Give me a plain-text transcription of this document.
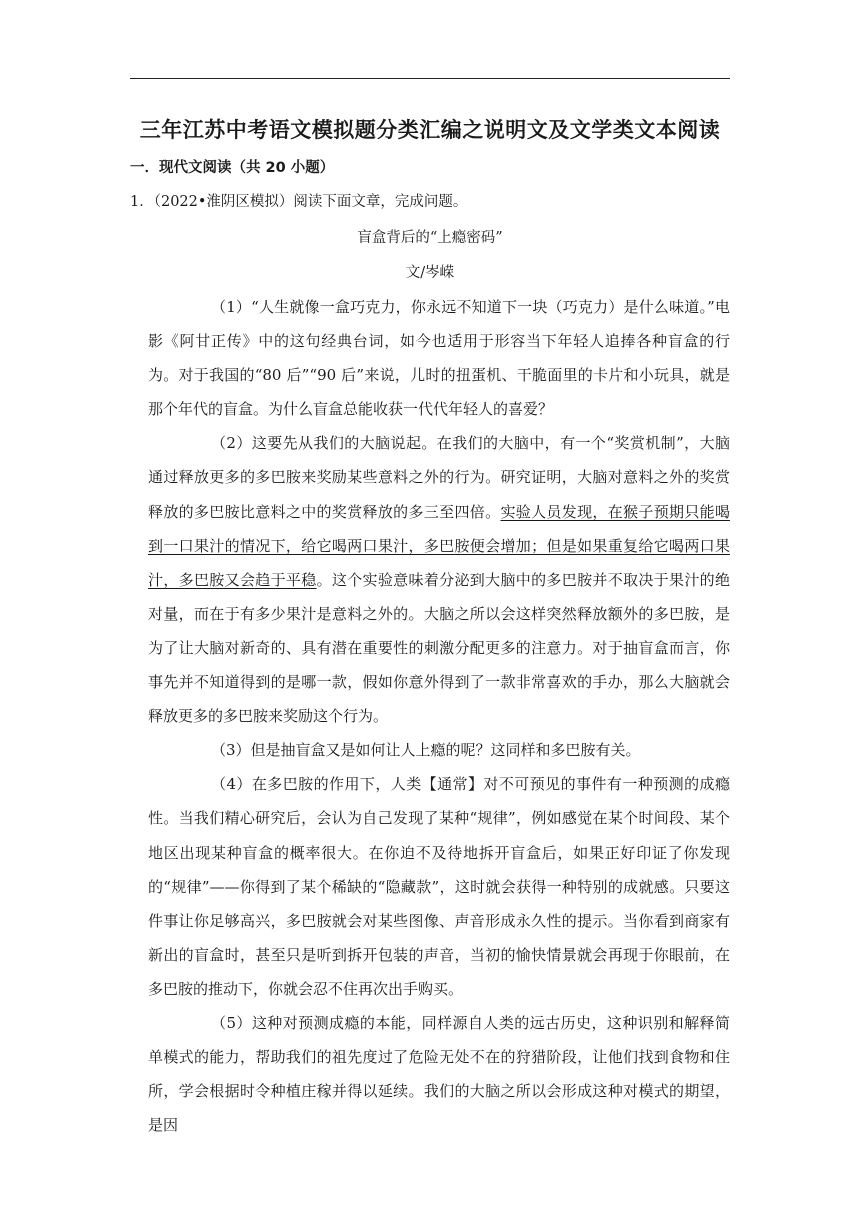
三年江苏中考语文模拟题分类汇编之说明文及文学类文本阅读
一．现代文阅读（共 20 小题）
1．（2022•淮阴区模拟）阅读下面文章，完成问题。
盲盒背后的“上瘾密码”
文/岑嵘

（1）“人生就像一盒巧克力，你永远不知道下一块（巧克力）是什么味道。”电影《阿甘正传》中的这句经典台词，如今也适用于形容当下年轻人追捧各种盲盒的行为。对于我国的“80 后”“90 后”来说，儿时的扭蛋机、干脆面里的卡片和小玩具，就是那个年代的盲盒。为什么盲盒总能收获一代代年轻人的喜爱？

（2）这要先从我们的大脑说起。在我们的大脑中，有一个“奖赏机制”，大脑通过释放更多的多巴胺来奖励某些意料之外的行为。研究证明，大脑对意料之外的奖赏释放的多巴胺比意料之中的奖赏释放的多三至四倍。实验人员发现，在猴子预期只能喝到一口果汁的情况下，给它喝两口果汁，多巴胺便会增加；但是如果重复给它喝两口果汁，多巴胺又会趋于平稳。这个实验意味着分泌到大脑中的多巴胺并不取决于果汁的绝对量，而在于有多少果汁是意料之外的。大脑之所以会这样突然释放额外的多巴胺，是为了让大脑对新奇的、具有潜在重要性的刺激分配更多的注意力。对于抽盲盒而言，你事先并不知道得到的是哪一款，假如你意外得到了一款非常喜欢的手办，那么大脑就会释放更多的多巴胺来奖励这个行为。

（3）但是抽盲盒又是如何让人上瘾的呢？这同样和多巴胺有关。

（4）在多巴胺的作用下，人类【通常】对不可预见的事件有一种预测的成瘾性。当我们精心研究后，会认为自己发现了某种“规律”，例如感觉在某个时间段、某个地区出现某种盲盒的概率很大。在你迫不及待地拆开盲盒后，如果正好印证了你发现的“规律”——你得到了某个稀缺的“隐藏款”，这时就会获得一种特别的成就感。只要这件事让你足够高兴，多巴胺就会对某些图像、声音形成永久性的提示。当你看到商家有新出的盲盒时，甚至只是听到拆开包装的声音，当初的愉快情景就会再现于你眼前，在多巴胺的推动下，你就会忍不住再次出手购买。

（5）这种对预测成瘾的本能，同样源自人类的远古历史，这种识别和解释简单模式的能力，帮助我们的祖先度过了危险无处不在的狩猎阶段，让他们找到食物和住所，学会根据时令种植庄稼并得以延续。我们的大脑之所以会形成这种对模式的期望，是因
